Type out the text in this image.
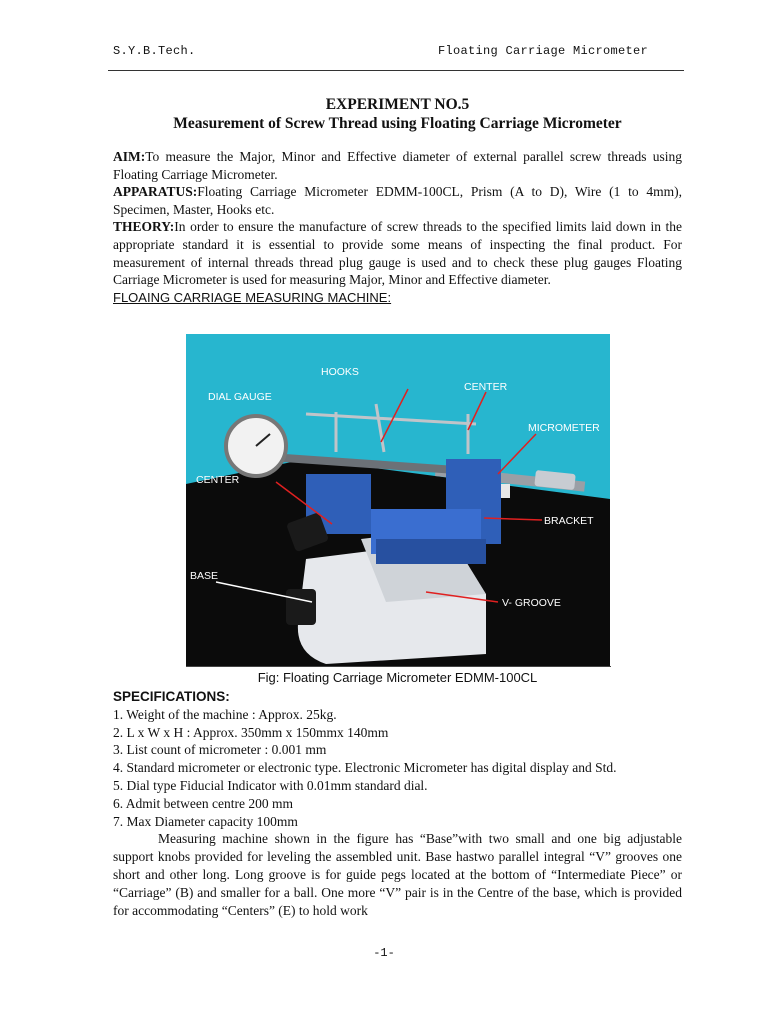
S.Y.B.Tech.	Floating Carriage Micrometer
EXPERIMENT NO.5
Measurement of Screw Thread using Floating Carriage Micrometer

AIM:To measure the Major, Minor and Effective diameter of external parallel screw threads using Floating Carriage Micrometer.

APPARATUS:Floating Carriage Micrometer EDMM-100CL, Prism (A to D), Wire (1 to 4mm), Specimen, Master, Hooks etc.

THEORY:In order to ensure the manufacture of screw threads to the specified limits laid down in the appropriate standard it is essential to provide some means of inspecting the final product. For measurement of internal threads thread plug gauge is used and to check these plug gauges Floating Carriage Micrometer is used for measuring Major, Minor and Effective diameter.

FLOAING CARRIAGE MEASURING MACHINE:

HOOKS
DIAL GAUGE
CENTER
MICROMETER
CENTER
BRACKET
BASE
V- GROOVE
Fig: Floating Carriage Micrometer EDMM-100CL
SPECIFICATIONS:
1. Weight of the machine : Approx. 25kg.
2. L x W x H : Approx. 350mm x 150mmx 140mm
3. List count of micrometer : 0.001 mm
4. Standard micrometer or electronic type. Electronic Micrometer has digital display and Std.
5. Dial type Fiducial Indicator with 0.01mm standard dial.
6. Admit between centre 200 mm
7. Max Diameter capacity 100mm

Measuring machine shown in the figure has “Base”with two small and one big adjustable support knobs provided for leveling the assembled unit. Base hastwo parallel integral “V” grooves one short and other long. Long groove is for guide pegs located at the bottom of “Intermediate Piece” or “Carriage” (B) and smaller for a ball. One more “V” pair is in the Centre of the base, which is provided for accommodating “Centers” (E) to hold work

-1-
